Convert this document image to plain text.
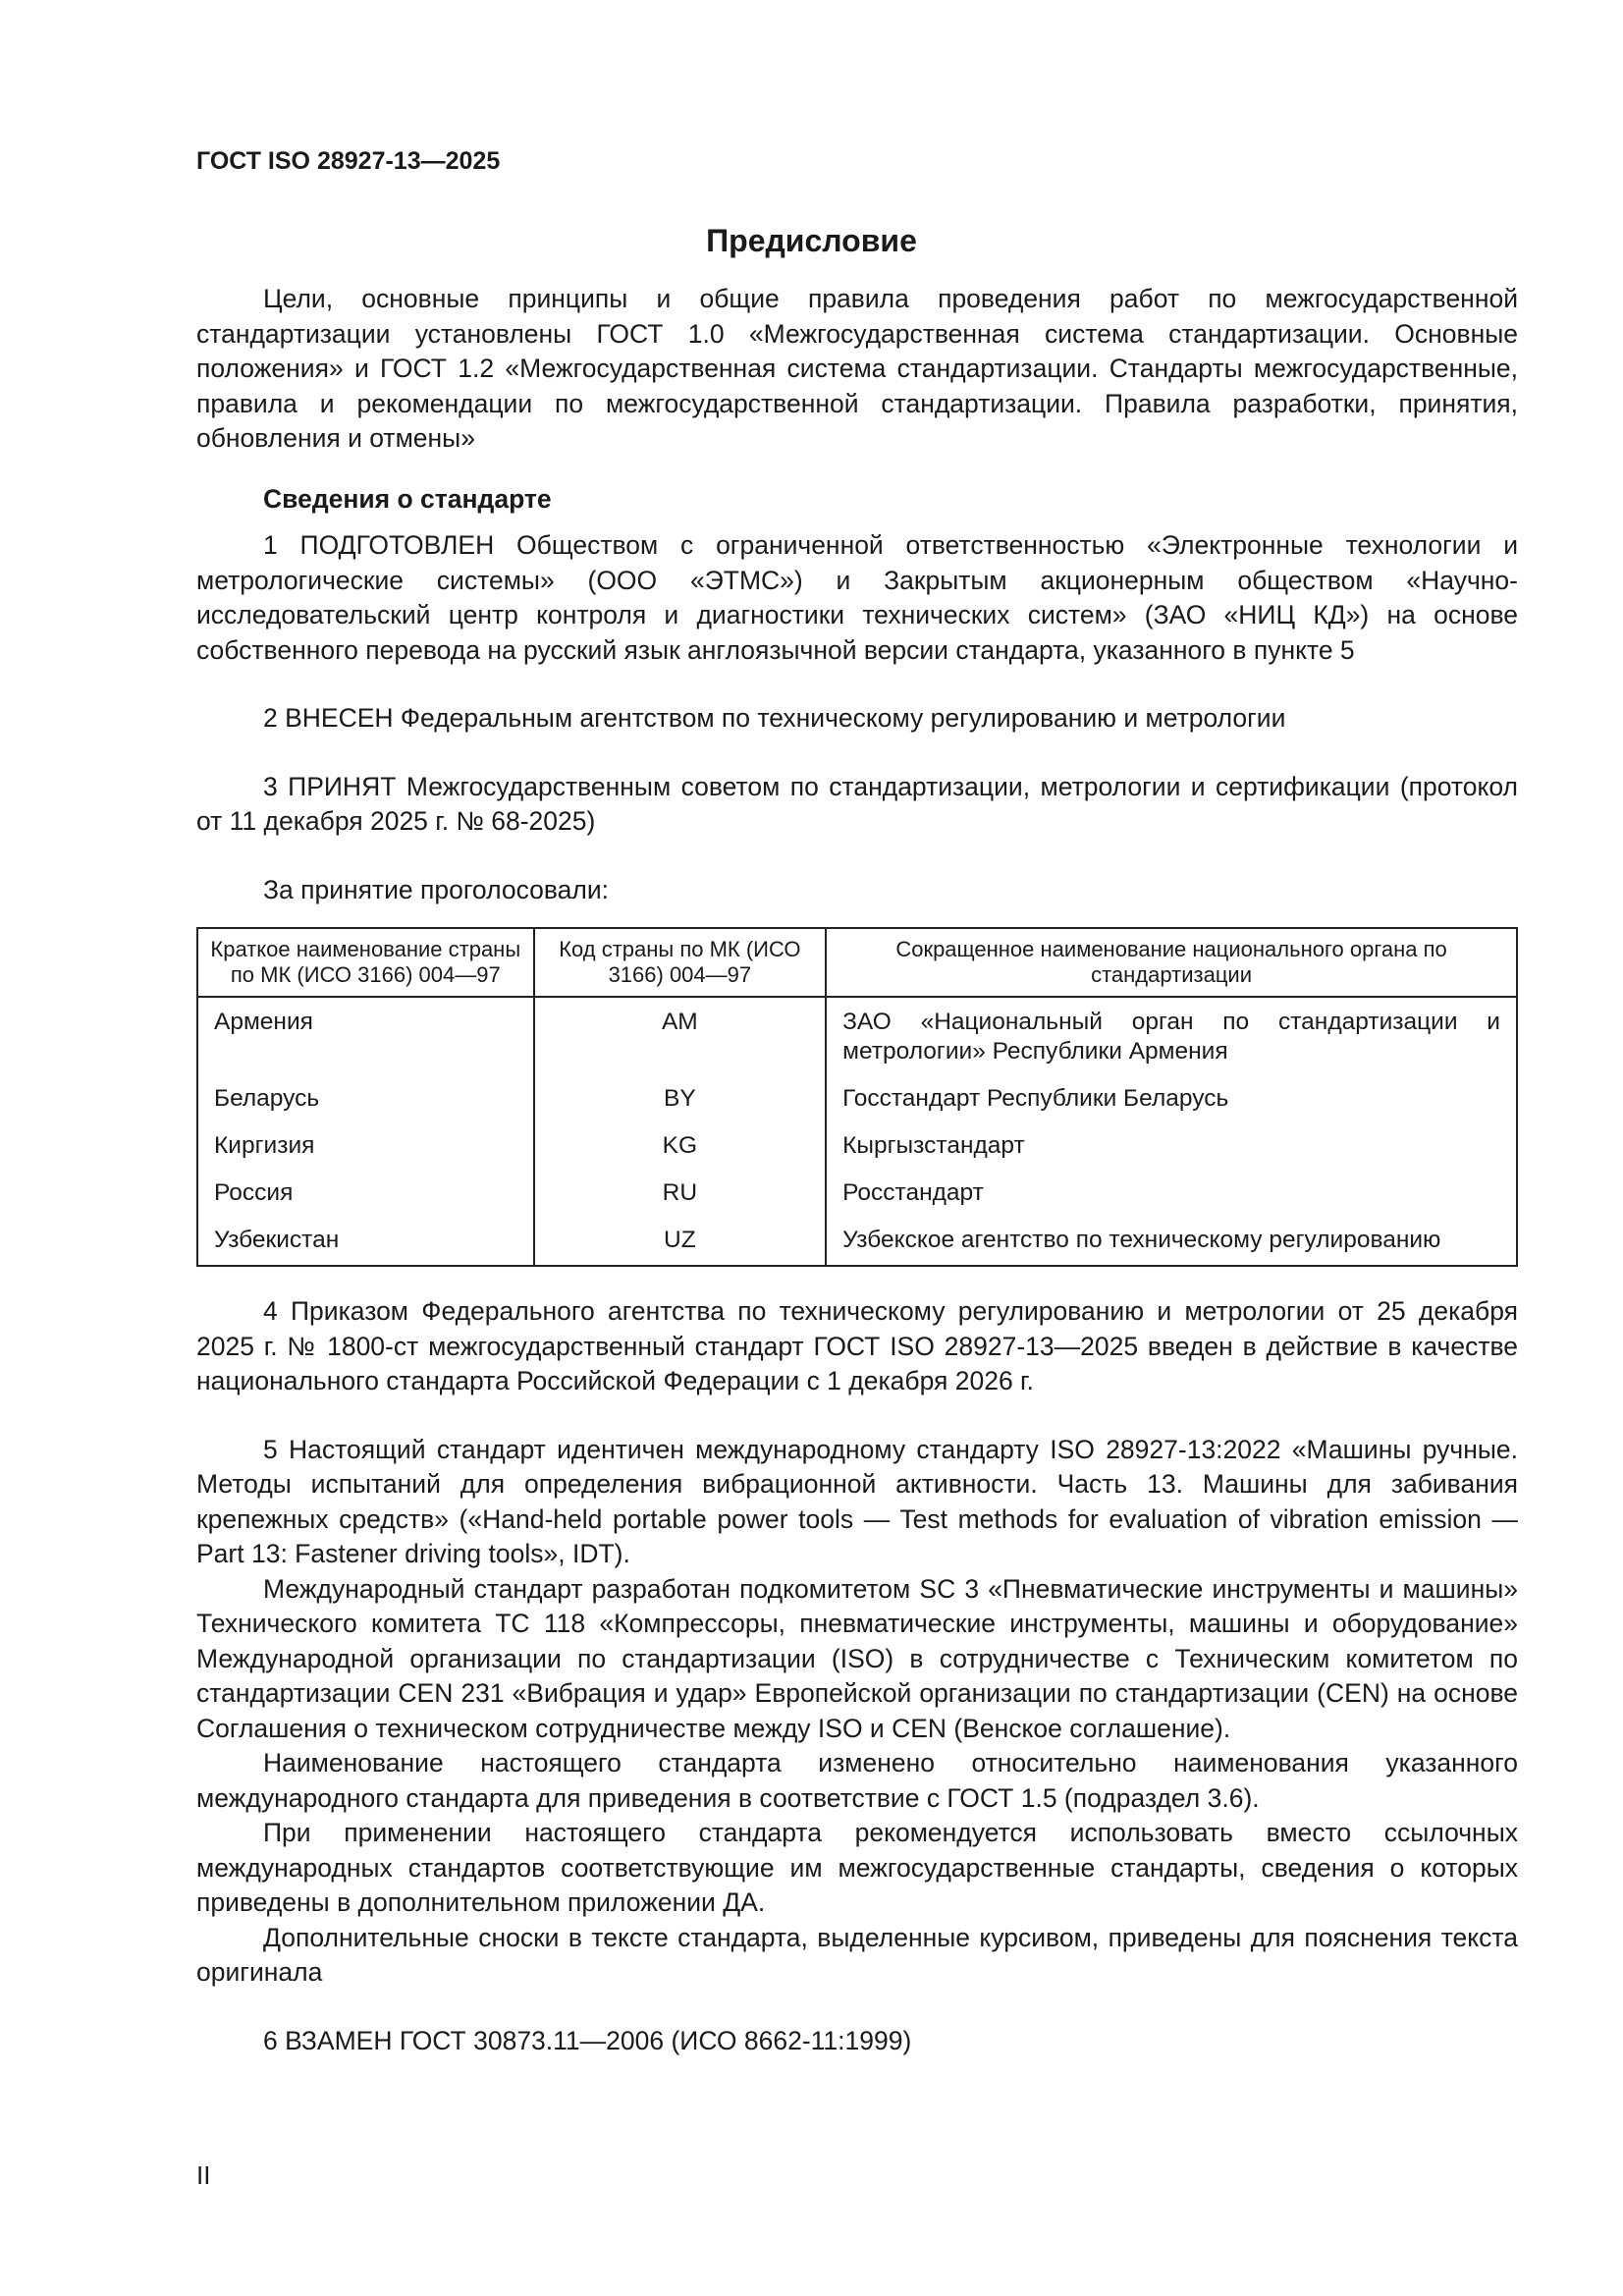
ГОСТ ISO 28927-13—2025
Предисловие

Цели, основные принципы и общие правила проведения работ по межгосударственной стандартизации установлены ГОСТ 1.0 «Межгосударственная система стандартизации. Основные положения» и ГОСТ 1.2 «Межгосударственная система стандартизации. Стандарты межгосударственные, правила и рекомендации по межгосударственной стандартизации. Правила разработки, принятия, обновления и отмены»

Сведения о стандарте

1 ПОДГОТОВЛЕН Обществом с ограниченной ответственностью «Электронные технологии и метрологические системы» (ООО «ЭТМС») и Закрытым акционерным обществом «Научно-исследовательский центр контроля и диагностики технических систем» (ЗАО «НИЦ КД») на основе собственного перевода на русский язык англоязычной версии стандарта, указанного в пункте 5

2 ВНЕСЕН Федеральным агентством по техническому регулированию и метрологии

3 ПРИНЯТ Межгосударственным советом по стандартизации, метрологии и сертификации (протокол от 11 декабря 2025 г. № 68-2025)

За принятие проголосовали:

Краткое наименование страны по МК (ИСО 3166) 004—97	Код страны по МК (ИСО 3166) 004—97	Сокращенное наименование национального органа по стандартизации
Армения	AM	ЗАО «Национальный орган по стандартизации и метрологии» Республики Армения
Беларусь	BY	Госстандарт Республики Беларусь
Киргизия	KG	Кыргызстандарт
Россия	RU	Росстандарт
Узбекистан	UZ	Узбекское агентство по техническому регулированию

4 Приказом Федерального агентства по техническому регулированию и метрологии от 25 декабря 2025 г. № 1800-ст межгосударственный стандарт ГОСТ ISO 28927-13—2025 введен в действие в качестве национального стандарта Российской Федерации с 1 декабря 2026 г.

5 Настоящий стандарт идентичен международному стандарту ISO 28927-13:2022 «Машины ручные. Методы испытаний для определения вибрационной активности. Часть 13. Машины для забивания крепежных средств» («Hand-held portable power tools — Test methods for evaluation of vibration emission — Part 13: Fastener driving tools», IDT).

Международный стандарт разработан подкомитетом SC 3 «Пневматические инструменты и машины» Технического комитета TC 118 «Компрессоры, пневматические инструменты, машины и оборудование» Международной организации по стандартизации (ISO) в сотрудничестве с Техническим комитетом по стандартизации CEN 231 «Вибрация и удар» Европейской организации по стандартизации (CEN) на основе Соглашения о техническом сотрудничестве между ISO и CEN (Венское соглашение).

Наименование настоящего стандарта изменено относительно наименования указанного международного стандарта для приведения в соответствие с ГОСТ 1.5 (подраздел 3.6).

При применении настоящего стандарта рекомендуется использовать вместо ссылочных международных стандартов соответствующие им межгосударственные стандарты, сведения о которых приведены в дополнительном приложении ДА.

Дополнительные сноски в тексте стандарта, выделенные курсивом, приведены для пояснения текста оригинала

6 ВЗАМЕН ГОСТ 30873.11—2006 (ИСО 8662-11:1999)

II
